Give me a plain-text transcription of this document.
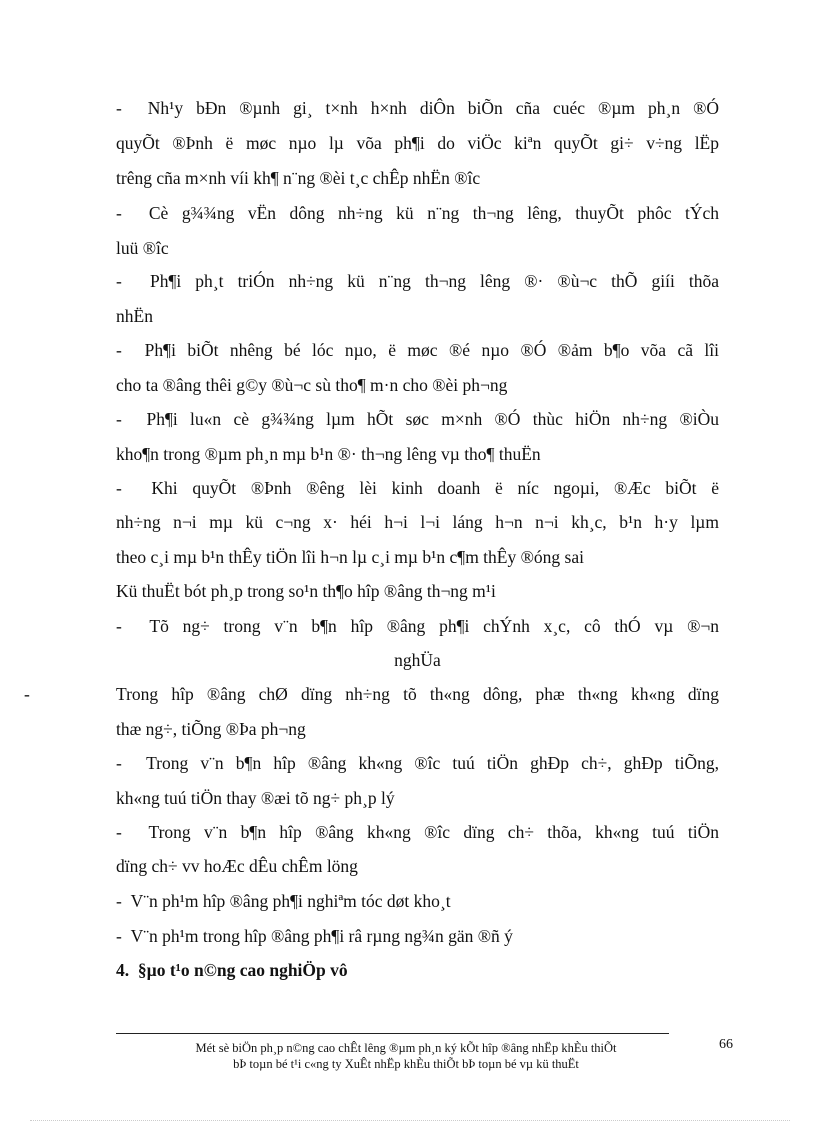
-  Nh¹y bÐn ®µnh gi¸ t×nh h×nh diÔn biÕn cña cuéc ®µm ph¸n ®Ó
quyÕt ®Þnh ë møc nµo lµ võa ph¶i do viÖc kiªn quyÕt gi÷ v÷ng lËp
trêng cña m×nh víi kh¶ n¨ng ®èi t¸c chÊp nhËn ®îc
-  Cè g¾¾ng vËn dông nh÷ng kü n¨ng th¬ng lêng, thuyÕt phôc tÝch
luü ®îc
-  Ph¶i ph¸t triÓn nh÷ng kü n¨ng th¬ng lêng ®· ®ù¬c thÕ giíi thõa
nhËn
-  Ph¶i biÕt nhêng bé lóc nµo, ë møc ®é nµo ®Ó ®ảm b¶o võa cã lîi
cho ta ®âng thêi g©y ®ù¬c sù tho¶ m·n cho ®èi ph¬ng
-  Ph¶i lu«n cè g¾¾ng lµm hÕt søc m×nh ®Ó thùc hiÖn nh÷ng ®iÒu
kho¶n trong ®µm ph¸n mµ b¹n ®· th¬ng lêng vµ tho¶ thuËn
-  Khi quyÕt ®Þnh ®êng lèi kinh doanh ë níc ngoµi, ®Æc biÕt ë
nh÷ng n¬i mµ kü c¬ng x· héi h¬i l¬i láng h¬n n¬i kh¸c, b¹n h·y lµm
theo c¸i mµ b¹n thÊy tiÖn lîi h¬n lµ c¸i mµ b¹n c¶m thÊy ®óng sai
Kü thuËt bót ph¸p trong so¹n th¶o hîp ®âng th¬ng m¹i
-  Tõ ng÷ trong v¨n b¶n hîp ®âng ph¶i chÝnh x¸c, cô thÓ vµ ®¬n
nghÜa
-	Trong hîp ®âng chØ dïng nh÷ng tõ th«ng dông, phæ th«ng kh«ng dïng
thæ ng÷, tiÕng ®Þa ph¬ng
-  Trong v¨n b¶n hîp ®âng kh«ng ®îc tuú tiÖn ghÐp ch÷, ghÐp tiÕng,
kh«ng tuú tiÖn thay ®æi tõ ng÷ ph¸p lý
-  Trong v¨n b¶n hîp ®âng kh«ng ®îc dïng ch÷ thõa, kh«ng tuú tiÖn
dïng ch÷ vv hoÆc dÊu chÊm löng
-  V¨n ph¹m hîp ®âng ph¶i nghiªm tóc døt kho¸t
-  V¨n ph¹m trong hîp ®âng ph¶i râ rµng ng¾n gän ®ñ ý
4.  §µo t¹o n©ng cao nghiÖp vô
Mét sè biÖn ph¸p n©ng cao chÊt lêng ®µm ph¸n ký kÕt hîp ®âng nhËp khÈu thiÕt
bÞ toµn bé t¹i c«ng ty XuÊt nhËp khÈu thiÕt bÞ toµn bé vµ kü thuËt
66
